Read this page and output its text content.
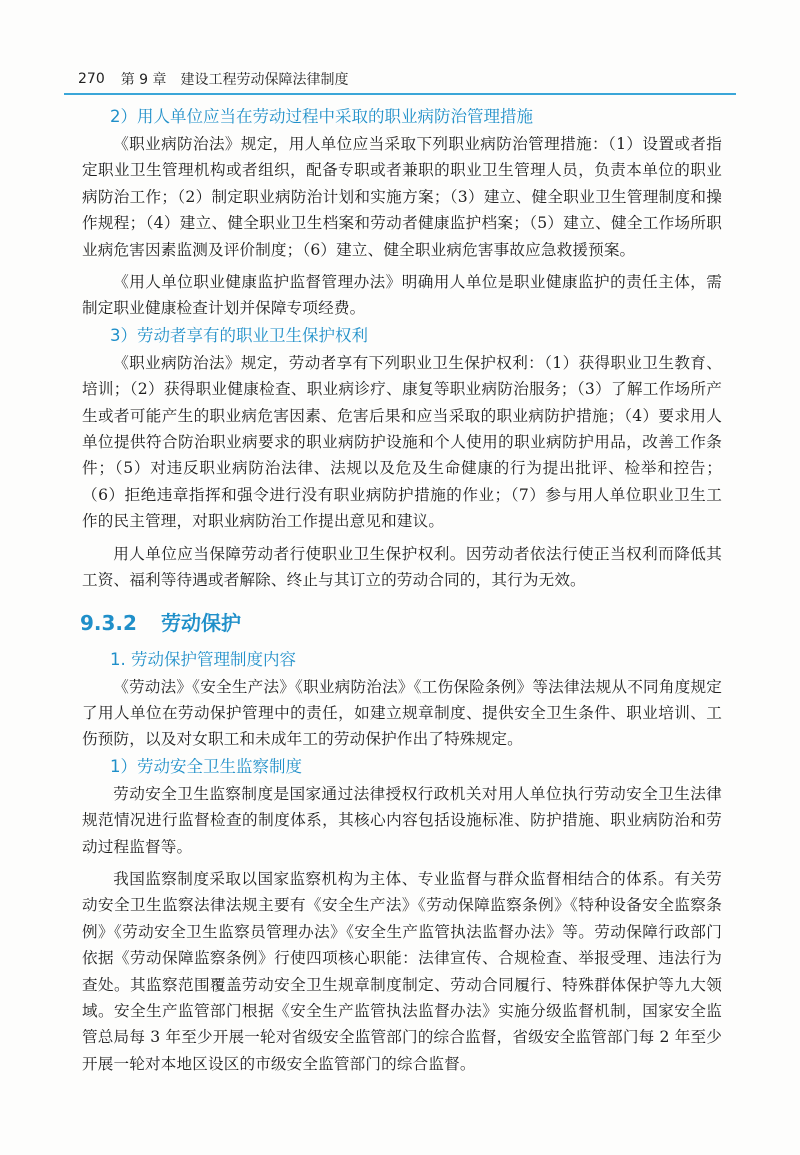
270 第 9 章 建设工程劳动保障法律制度
2）用人单位应当在劳动过程中采取的职业病防治管理措施

《职业病防治法》规定，用人单位应当采取下列职业病防治管理措施：（1）设置或者指定职业卫生管理机构或者组织，配备专职或者兼职的职业卫生管理人员，负责本单位的职业病防治工作；（2）制定职业病防治计划和实施方案；（3）建立、健全职业卫生管理制度和操作规程；（4）建立、健全职业卫生档案和劳动者健康监护档案；（5）建立、健全工作场所职业病危害因素监测及评价制度；（6）建立、健全职业病危害事故应急救援预案。

《用人单位职业健康监护监督管理办法》明确用人单位是职业健康监护的责任主体，需制定职业健康检查计划并保障专项经费。

3）劳动者享有的职业卫生保护权利

《职业病防治法》规定，劳动者享有下列职业卫生保护权利：（1）获得职业卫生教育、培训；（2）获得职业健康检查、职业病诊疗、康复等职业病防治服务；（3）了解工作场所产生或者可能产生的职业病危害因素、危害后果和应当采取的职业病防护措施；（4）要求用人单位提供符合防治职业病要求的职业病防护设施和个人使用的职业病防护用品，改善工作条件；（5）对违反职业病防治法律、法规以及危及生命健康的行为提出批评、检举和控告；（6）拒绝违章指挥和强令进行没有职业病防护措施的作业；（7）参与用人单位职业卫生工作的民主管理，对职业病防治工作提出意见和建议。

用人单位应当保障劳动者行使职业卫生保护权利。因劳动者依法行使正当权利而降低其工资、福利等待遇或者解除、终止与其订立的劳动合同的，其行为无效。

9.3.2 劳动保护
1. 劳动保护管理制度内容

《劳动法》《安全生产法》《职业病防治法》《工伤保险条例》等法律法规从不同角度规定了用人单位在劳动保护管理中的责任，如建立规章制度、提供安全卫生条件、职业培训、工伤预防，以及对女职工和未成年工的劳动保护作出了特殊规定。

1）劳动安全卫生监察制度

劳动安全卫生监察制度是国家通过法律授权行政机关对用人单位执行劳动安全卫生法律规范情况进行监督检查的制度体系，其核心内容包括设施标准、防护措施、职业病防治和劳动过程监督等。

我国监察制度采取以国家监察机构为主体、专业监督与群众监督相结合的体系。有关劳动安全卫生监察法律法规主要有《安全生产法》《劳动保障监察条例》《特种设备安全监察条例》《劳动安全卫生监察员管理办法》《安全生产监管执法监督办法》等。劳动保障行政部门依据《劳动保障监察条例》行使四项核心职能：法律宣传、合规检查、举报受理、违法行为查处。其监察范围覆盖劳动安全卫生规章制度制定、劳动合同履行、特殊群体保护等九大领域。安全生产监管部门根据《安全生产监管执法监督办法》实施分级监督机制，国家安全监管总局每 3 年至少开展一轮对省级安全监管部门的综合监督，省级安全监管部门每 2 年至少开展一轮对本地区设区的市级安全监管部门的综合监督。
